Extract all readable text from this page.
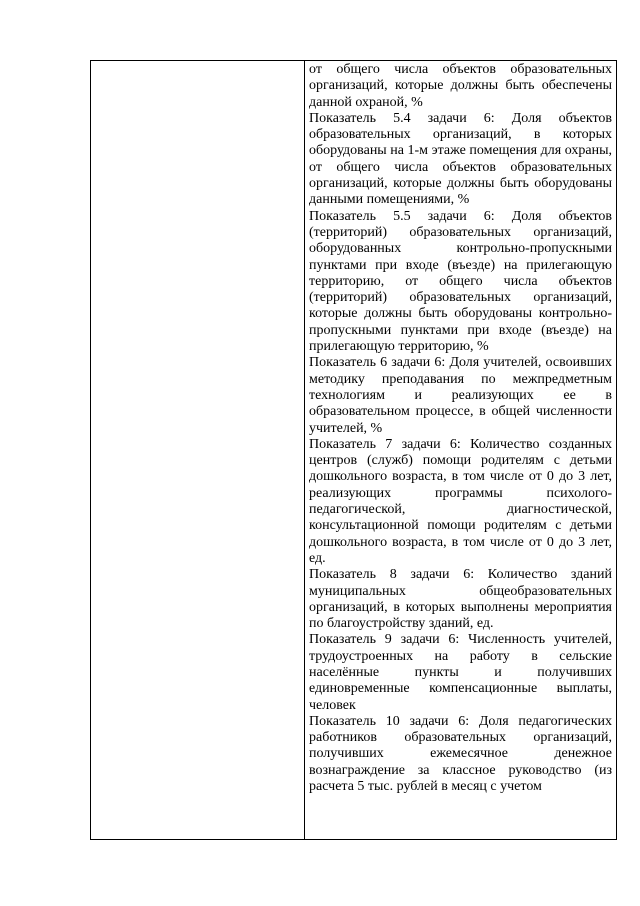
от общего числа объектов образовательных организаций, которые должны быть обеспечены данной охраной, %

Показатель 5.4 задачи 6: Доля объектов образовательных организаций, в которых оборудованы на 1-м этаже помещения для охраны, от общего числа объектов образовательных организаций, которые должны быть оборудованы данными помещениями, %

Показатель 5.5 задачи 6: Доля объектов (территорий) образовательных организаций, оборудованных контрольно-пропускными пунктами при входе (въезде) на прилегающую территорию, от общего числа объектов (территорий) образовательных организаций, которые должны быть оборудованы контрольно-пропускными пунктами при входе (въезде) на прилегающую территорию, %

Показатель 6 задачи 6: Доля учителей, освоивших методику преподавания по межпредметным технологиям и реализующих ее в образовательном процессе, в общей численности учителей, %

Показатель 7 задачи 6: Количество созданных центров (служб) помощи родителям с детьми дошкольного возраста, в том числе от 0 до 3 лет, реализующих программы психолого-педагогической, диагностической, консультационной помощи родителям с детьми дошкольного возраста, в том числе от 0 до 3 лет, ед.

Показатель 8 задачи 6: Количество зданий муниципальных общеобразовательных организаций, в которых выполнены мероприятия по благоустройству зданий, ед.

Показатель 9 задачи 6: Численность учителей, трудоустроенных на работу в сельские населённые пункты и получивших единовременные компенсационные выплаты, человек

Показатель 10 задачи 6: Доля педагогических работников образовательных организаций, получивших ежемесячное денежное вознаграждение за классное руководство (из расчета 5 тыс. рублей в месяц с учетом
